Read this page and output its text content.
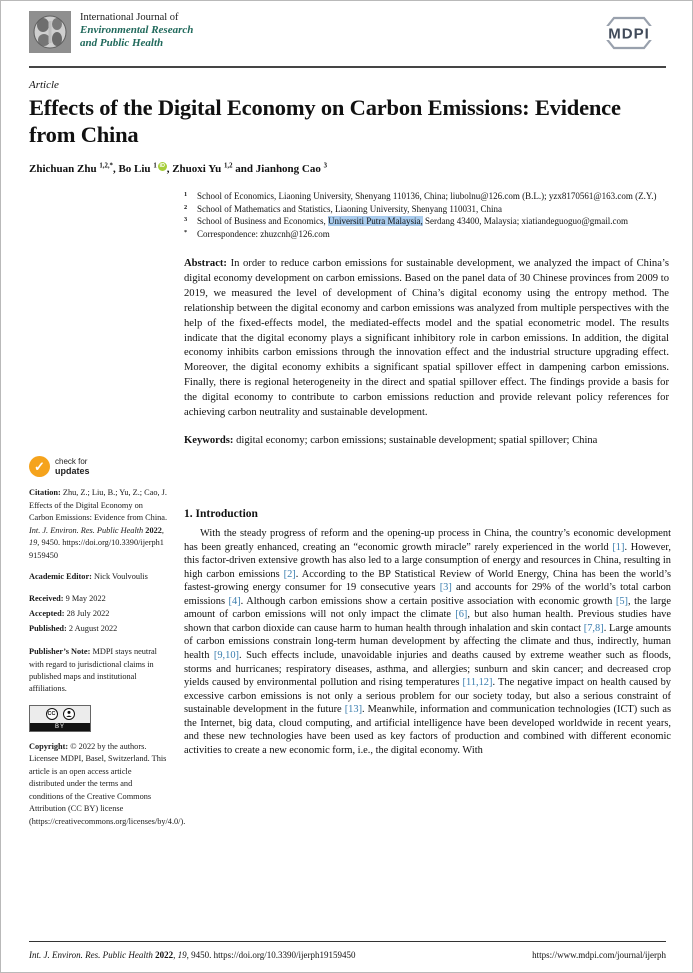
International Journal of
Environmental Research
and Public Health
MDPI
Article
Effects of the Digital Economy on Carbon Emissions: Evidence from China
Zhichuan Zhu $^{1,2,*}$, Bo Liu $^1$ iD , Zhuoxi Yu $^{1,2}$ and Jianhong Cao $^3$
1	School of Economics, Liaoning University, Shenyang 110136, China; liubolnu@126.com (B.L.); yzx8170561@163.com (Z.Y.)
2	School of Mathematics and Statistics, Liaoning University, Shenyang 110031, China
3	School of Business and Economics, Universiti Putra Malaysia, Serdang 43400, Malaysia; xiatiandeguoguo@gmail.com
*	Correspondence: zhuzcnh@126.com

Abstract: In order to reduce carbon emissions for sustainable development, we analyzed the impact of China’s digital economy development on carbon emissions. Based on the panel data of 30 Chinese provinces from 2009 to 2019, we measured the level of development of China’s digital economy using the entropy method. The relationship between the digital economy and carbon emissions was analyzed from multiple perspectives with the help of the fixed-effects model, the mediated-effects model and the spatial econometric model. The results indicate that the digital economy plays a significant inhibitory role in carbon emissions. In addition, the digital economy inhibits carbon emissions through the innovation effect and the industrial structure upgrading effect. Moreover, the digital economy exhibits a significant spatial spillover effect in dampening carbon emissions. Finally, there is regional heterogeneity in the direct and spatial spillover effect. The findings provide a basis for the digital economy to contribute to carbon emissions reduction and provide relevant policy references for achieving carbon neutrality and sustainable development.

Keywords: digital economy; carbon emissions; sustainable development; spatial spillover; China

✓	check for
updates

Citation: Zhu, Z.; Liu, B.; Yu, Z.; Cao, J. Effects of the Digital Economy on Carbon Emissions: Evidence from China. Int. J. Environ. Res. Public Health 2022, 19, 9450. https://doi.org/10.3390/ijerph19159450

Academic Editor: Nick Voulvoulis

Received: 9 May 2022
Accepted: 28 July 2022
Published: 2 August 2022

Publisher’s Note: MDPI stays neutral with regard to jurisdictional claims in published maps and institutional affiliations.

CC
BY

Copyright: © 2022 by the authors. Licensee MDPI, Basel, Switzerland. This article is an open access article distributed under the terms and conditions of the Creative Commons Attribution (CC BY) license (https://creativecommons.org/licenses/by/4.0/).

1. Introduction

With the steady progress of reform and the opening-up process in China, the country’s economic development has been greatly enhanced, creating an “economic growth miracle” rarely experienced in the world [1]. However, this factor-driven extensive growth has also led to a large consumption of energy and resources in China, resulting in high carbon emissions [2]. According to the BP Statistical Review of World Energy, China has been the world’s fastest-growing energy consumer for 19 consecutive years [3] and accounts for 29% of the world’s total carbon emissions [4]. Although carbon emissions show a certain positive association with economic growth [5], the large amount of carbon emissions will not only impact the climate [6], but also human health. Previous studies have shown that carbon dioxide can cause harm to human health through inhalation and skin contact [7,8]. Large amounts of carbon emissions constrain long-term human development by affecting the climate and thus, indirectly, human health [9,10]. Such effects include, unavoidable injuries and deaths caused by extreme weather such as floods, storms and hurricanes; respiratory diseases, asthma, and allergies; sunburn and skin cancer; and decreased crop yields caused by environmental pollution and rising temperatures [11,12]. The negative impact on health caused by excessive carbon emissions is not only a serious problem for our society today, but also a serious constraint of sustainable development in the future [13]. Meanwhile, information and communication technologies (ICT) such as the Internet, big data, cloud computing, and artificial intelligence have been developed worldwide in recent years, and these new technologies have been used as key factors of production and combined with different economic activities to create a new economic form, i.e., the digital economy. With

Int. J. Environ. Res. Public Health 2022, 19, 9450. https://doi.org/10.3390/ijerph19159450	https://www.mdpi.com/journal/ijerph
